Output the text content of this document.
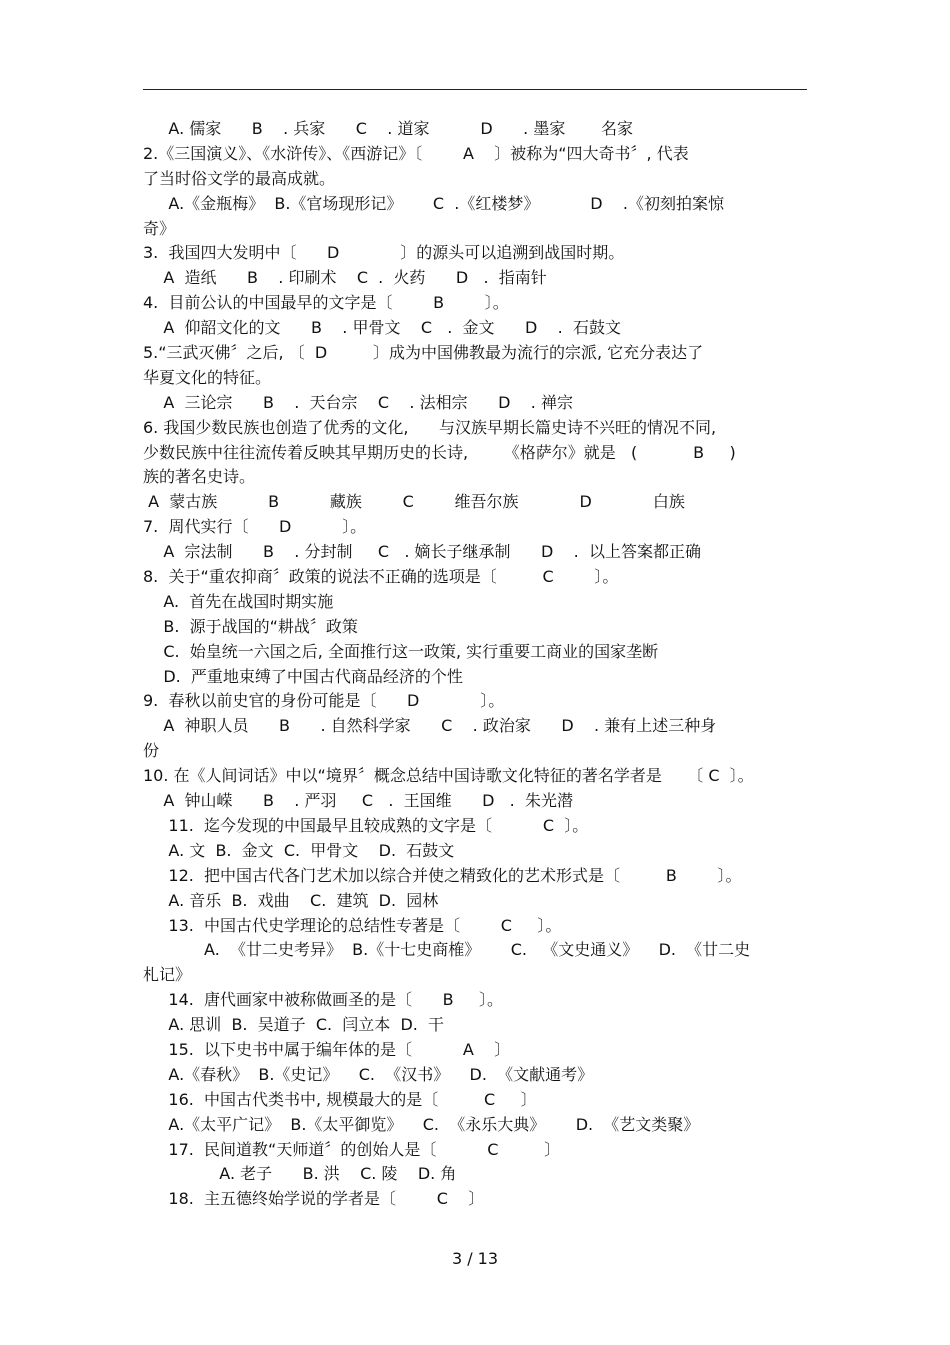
A. 儒家      B    . 兵家      C    . 道家          D      . 墨家       名家
2.《三国演义》、《水浒传》、《西游记》〔        A    〕被称为“四大奇书〞, 代表
了当时俗文学的最高成就。
A.《金瓶梅》  B.《官场现形记》      C  .《红楼梦》          D    .《初刻拍案惊
奇》
3.  我国四大发明中〔      D            〕的源头可以追溯到战国时期。
A  造纸      B    . 印刷术    C  .  火药      D   .  指南针
4.  目前公认的中国最早的文字是〔        B        〕。
A  仰韶文化的文      B    . 甲骨文    C   .  金文      D    .  石鼓文
5.“三武灭佛〞之后, 〔  D         〕成为中国佛教最为流行的宗派, 它充分表达了
华夏文化的特征。
A  三论宗      B    .  天台宗    C    . 法相宗      D    . 禅宗
6. 我国少数民族也创造了优秀的文化,      与汉族早期长篇史诗不兴旺的情况不同,
少数民族中往往流传着反映其早期历史的长诗,       《格萨尔》就是   (           B     )
族的著名史诗。
A  蒙古族          B          藏族        C        维吾尔族            D            白族
7.  周代实行〔      D          〕。
A  宗法制      B    . 分封制     C   . 嫡长子继承制      D    .  以上答案都正确
8.  关于“重农抑商〞政策的说法不正确的选项是〔         C        〕。
A.  首先在战国时期实施
B.  源于战国的“耕战〞政策
C.  始皇统一六国之后, 全面推行这一政策, 实行重要工商业的国家垄断
D.  严重地束缚了中国古代商品经济的个性
9.  春秋以前史官的身份可能是〔      D            〕。
A  神职人员      B      . 自然科学家      C    . 政治家      D    . 兼有上述三种身
份
10. 在《人间词话》中以“境界〞概念总结中国诗歌文化特征的著名学者是     〔 C  〕。
A  钟山嵘      B    . 严羽     C   .  王国维      D   .  朱光潜
11.  迄今发现的中国最早且较成熟的文字是〔          C  〕。
A. 文  B.  金文  C.  甲骨文    D.  石鼓文
12.  把中国古代各门艺术加以综合并使之精致化的艺术形式是〔         B        〕。
A. 音乐  B.  戏曲    C.  建筑  D.  园林
13.  中国古代史学理论的总结性专著是〔        C     〕。
A.  《廿二史考异》  B.《十七史商榷》      C.   《文史通义》    D.  《廿二史
札记》
14.  唐代画家中被称做画圣的是〔      B     〕。
A. 思训  B.  吴道子  C.  闫立本  D.  干
15.  以下史书中属于编年体的是〔          A    〕
A.《春秋》  B.《史记》    C.  《汉书》    D.  《文献通考》
16.  中国古代类书中, 规模最大的是〔         C     〕
A.《太平广记》  B.《太平御览》    C.  《永乐大典》      D.  《艺文类聚》
17.  民间道教“天师道〞的创始人是〔          C         〕
A. 老子      B. 洪    C. 陵    D. 角
18.  主五德终始学说的学者是〔        C    〕
3 / 13
